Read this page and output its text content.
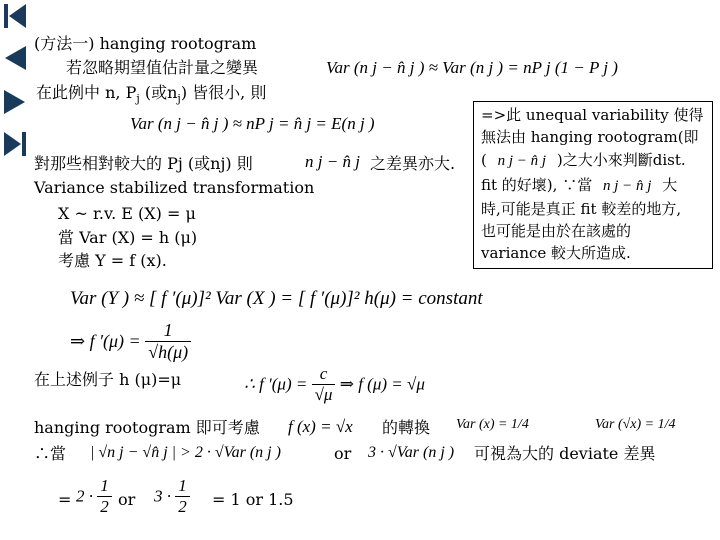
(方法一) hanging rootogram
若忽略期望值估計量之變異
在此例中 n, $P_j$ (或$n_j$) 皆很小, 則
Var (n j − n̂ j ) ≈ Var (n j ) = nP j (1 − P j )
Var (n j − n̂ j ) ≈ nP j = n̂ j = E(n j )
對那些相對較大的 Pj (或nj) 則	n j − n̂ j 之差異亦大.
Variance stabilized transformation
X ~ r.v. E (X) = μ
當 Var (X) = h (μ)
考慮 Y = f (x).
=>此 unequal variability 使得
無法由 hanging rootogram(即
( n j − n̂ j )之大小來判斷dist.
fit 的好壞), ∵當 n j − n̂ j 大
時,可能是真正 fit 較差的地方,
也可能是由於在該處的
variance 較大所造成.
Var (Y ) ≈ [ f ′(μ)]² Var (X ) = [ f ′(μ)]² h(μ) = constant
⇒ f $'(\mu) = \frac{1}{√h(\mu)}$
在上述例子 h (μ)=μ	∴ f $'(\mu) = \frac{c}{√\mu}$ ⇒ f (μ) = √μ
hanging rootogram 即可考慮 f (x) = √x 的轉換 Var (x) = 1/4	Var (√x) = 1/4
∴當 | √n j − √n̂ j | > 2 · √Var (n j )	or 3 · √Var (n j ) 可視為大的 deviate 差異
= $2 \cdot \frac{1}{2}$ or $3 \cdot \frac{1}{2} = 1$ or 1.5
